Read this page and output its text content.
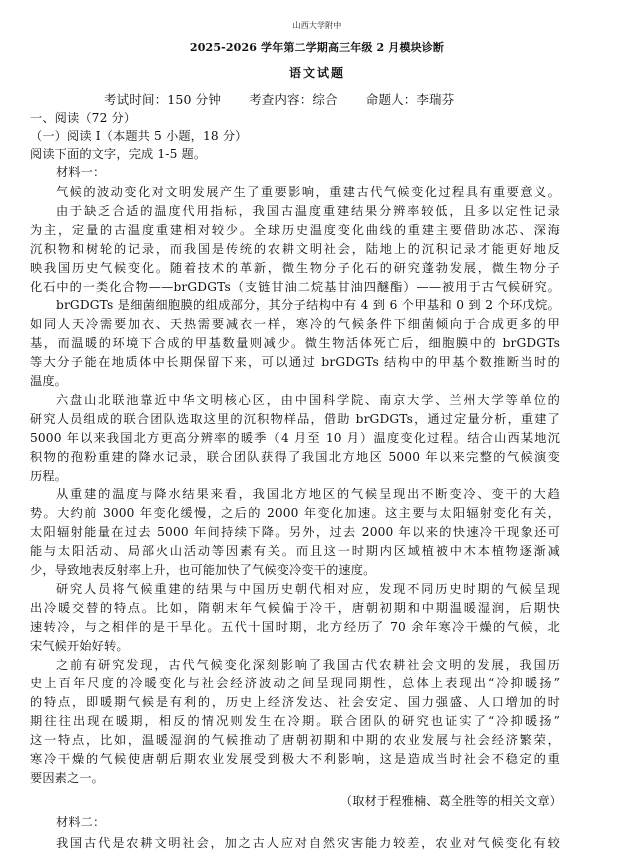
山西大学附中
2025-2026 学年第二学期高三年级 2 月模块诊断
语文试题
考试时间：150 分钟 考查内容：综合 命题人：李瑞芬
一、阅读（72 分）
（一）阅读 I（本题共 5 小题，18 分）
阅读下面的文字，完成 1-5 题。
材料一：
气候的波动变化对文明发展产生了重要影响，重建古代气候变化过程具有重要意义。
由于缺乏合适的温度代用指标，我国古温度重建结果分辨率较低，且多以定性记录
为主，定量的古温度重建相对较少。全球历史温度变化曲线的重建主要借助冰芯、深海
沉积物和树轮的记录，而我国是传统的农耕文明社会，陆地上的沉积记录才能更好地反
映我国历史气候变化。随着技术的革新，微生物分子化石的研究蓬勃发展，微生物分子
化石中的一类化合物——brGDGTs（支链甘油二烷基甘油四醚酯）——被用于古气候研究。
brGDGTs 是细菌细胞膜的组成部分，其分子结构中有 4 到 6 个甲基和 0 到 2 个环戊烷。
如同人天冷需要加衣、天热需要减衣一样，寒冷的气候条件下细菌倾向于合成更多的甲
基，而温暖的环境下合成的甲基数量则减少。微生物活体死亡后，细胞膜中的 brGDGTs
等大分子能在地质体中长期保留下来，可以通过 brGDGTs 结构中的甲基个数推断当时的
温度。
六盘山北联池靠近中华文明核心区，由中国科学院、南京大学、兰州大学等单位的
研究人员组成的联合团队选取这里的沉积物样品，借助 brGDGTs，通过定量分析，重建了
5000 年以来我国北方更高分辨率的暖季（4 月至 10 月）温度变化过程。结合山西某地沉
积物的孢粉重建的降水记录，联合团队获得了我国北方地区 5000 年以来完整的气候演变
历程。
从重建的温度与降水结果来看，我国北方地区的气候呈现出不断变冷、变干的大趋
势。大约前 3000 年变化缓慢，之后的 2000 年变化加速。这主要与太阳辐射变化有关，
太阳辐射能量在过去 5000 年间持续下降。另外，过去 2000 年以来的快速冷干现象还可
能与太阳活动、局部火山活动等因素有关。而且这一时期内区域植被中木本植物逐渐减
少，导致地表反射率上升，也可能加快了气候变冷变干的速度。
研究人员将气候重建的结果与中国历史朝代相对应，发现不同历史时期的气候呈现
出冷暖交替的特点。比如，隋朝末年气候偏于冷干，唐朝初期和中期温暖湿润，后期快
速转冷，与之相伴的是干旱化。五代十国时期，北方经历了 70 余年寒冷干燥的气候，北
宋气候开始好转。
之前有研究发现，古代气候变化深刻影响了我国古代农耕社会文明的发展，我国历
史上百年尺度的冷暖变化与社会经济波动之间呈现同期性，总体上表现出“冷抑暖扬”
的特点，即暖期气候是有利的，历史上经济发达、社会安定、国力强盛、人口增加的时
期往往出现在暖期，相反的情况则发生在冷期。联合团队的研究也证实了“冷抑暖扬”
这一特点，比如，温暖湿润的气候推动了唐朝初期和中期的农业发展与社会经济繁荣，
寒冷干燥的气候使唐朝后期农业发展受到极大不利影响，这是造成当时社会不稳定的重
要因素之一。
（取材于程雅楠、葛全胜等的相关文章）
材料二：
我国古代是农耕文明社会，加之古人应对自然灾害能力较差，农业对气候变化有较
